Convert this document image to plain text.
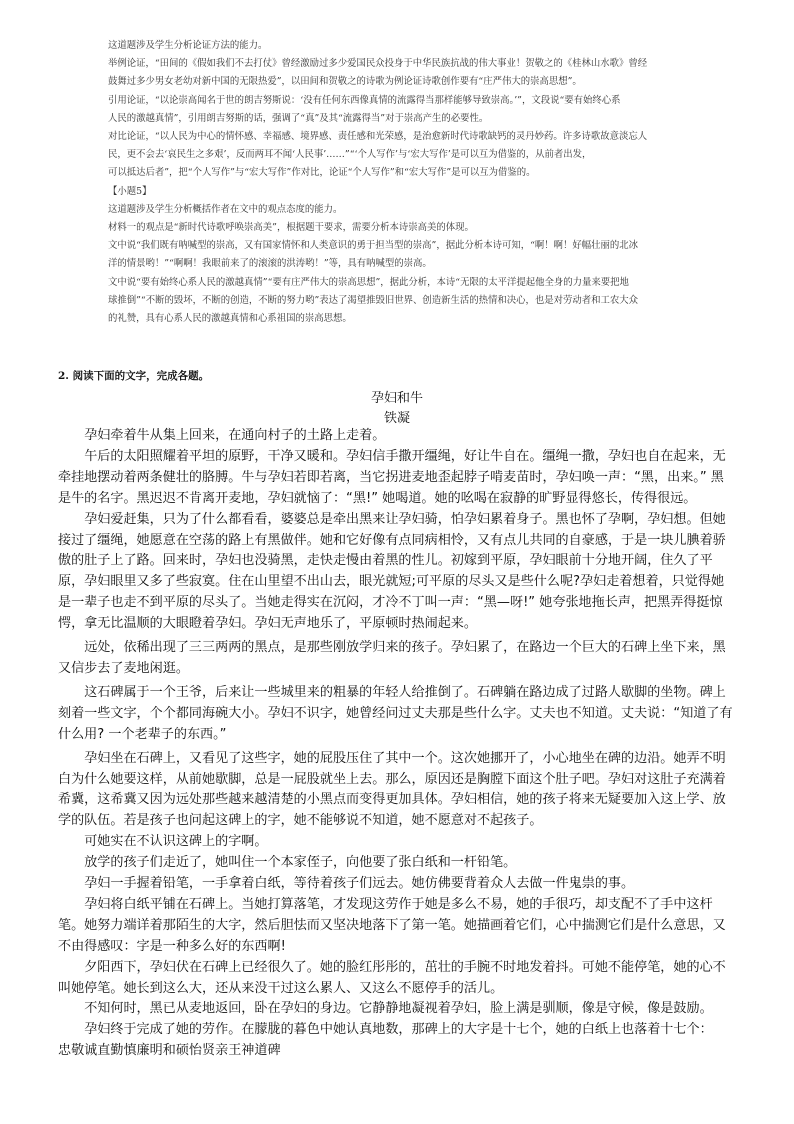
这道题涉及学生分析论证方法的能力。

举例论证，“田间的《假如我们不去打仗》曾经激励过多少爱国民众投身于中华民族抗战的伟大事业！贺敬之的《桂林山水歌》曾经

鼓舞过多少男女老幼对新中国的无限热爱”，以田间和贺敬之的诗歌为例论证诗歌创作要有“庄严伟大的崇高思想”。

引用论证，“以论崇高闻名于世的朗吉努斯说：‘没有任何东西像真情的流露得当那样能够导致崇高。’”，文段说“要有始终心系

人民的激越真情”，引用朗吉努斯的话，强调了“真”及其“流露得当”对于崇高产生的必要性。

对比论证，“以人民为中心的情怀感、幸福感、境界感、责任感和光荣感，是治愈新时代诗歌缺钙的灵丹妙药。许多诗歌故意淡忘人

民，更不会去‘哀民生之多艰’，反而两耳不闻‘人民事’……”“‘个人写作’与‘宏大写作’是可以互为借鉴的，从前者出发，

可以抵达后者”，把“个人写作”与“宏大写作”作对比，论证“个人写作”和“宏大写作”是可以互为借鉴的。

【小题5】

这道题涉及学生分析概括作者在文中的观点态度的能力。

材料一的观点是“新时代诗歌呼唤崇高美”，根据题干要求，需要分析本诗崇高美的体现。

文中说“我们既有呐喊型的崇高，又有国家情怀和人类意识的勇于担当型的崇高”，据此分析本诗可知，“啊！啊！好幅壮丽的北冰

洋的情景哟！”“啊啊！我眼前来了的滚滚的洪涛哟！”等，具有呐喊型的崇高。

文中说“要有始终心系人民的激越真情”“要有庄严伟大的崇高思想”，据此分析，本诗“无限的太平洋提起他全身的力量来要把地

球推倒”“不断的毁坏，不断的创造，不断的努力哟”表达了渴望推毁旧世界、创造新生活的热情和决心，也是对劳动者和工农大众

的礼赞，具有心系人民的激越真情和心系祖国的崇高思想。

2. 阅读下面的文字，完成各题。
孕妇和牛
铁凝

孕妇牵着牛从集上回来，在通向村子的土路上走着。

午后的太阳照耀着平坦的原野，干净又暖和。孕妇信手撒开缰绳，好让牛自在。缰绳一撒，孕妇也自在起来，无牵挂地摆动着两条健壮的胳膊。牛与孕妇若即若离，当它拐进麦地歪起脖子啃麦苗时，孕妇唤一声：“黑，出来。” 黑是牛的名字。黑迟迟不肯离开麦地，孕妇就恼了：“黑!” 她喝道。她的吆喝在寂静的旷野显得悠长，传得很远。

孕妇爱赶集，只为了什么都看看，婆婆总是牵出黑来让孕妇骑，怕孕妇累着身子。黑也怀了孕啊，孕妇想。但她接过了缰绳，她愿意在空荡的路上有黑做伴。她和它好像有点同病相怜，又有点儿共同的自豪感，于是一块儿腆着骄傲的肚子上了路。回来时，孕妇也没骑黑，走快走慢由着黑的性儿。初嫁到平原，孕妇眼前十分地开阔，住久了平原，孕妇眼里又多了些寂寞。住在山里望不出山去，眼光就短;可平原的尽头又是些什么呢?孕妇走着想着，只觉得她是一辈子也走不到平原的尽头了。当她走得实在沉闷，才冷不丁叫一声：“黑—呀!” 她夸张地拖长声，把黑弄得挺惊愕，拿无比温顺的大眼瞪着孕妇。孕妇无声地乐了，平原顿时热闹起来。

远处，依稀出现了三三两两的黑点，是那些刚放学归来的孩子。孕妇累了，在路边一个巨大的石碑上坐下来，黑又信步去了麦地闲逛。

这石碑属于一个王爷，后来让一些城里来的粗暴的年轻人给推倒了。石碑躺在路边成了过路人歇脚的坐物。碑上刻着一些文字，个个都同海碗大小。孕妇不识字，她曾经问过丈夫那是些什么字。丈夫也不知道。丈夫说：“知道了有什么用? 一个老辈子的东西。”

孕妇坐在石碑上，又看见了这些字，她的屁股压住了其中一个。这次她挪开了，小心地坐在碑的边沿。她弄不明白为什么她要这样，从前她歇脚，总是一屁股就坐上去。那么，原因还是胸膛下面这个肚子吧。孕妇对这肚子充满着希冀，这希冀又因为远处那些越来越清楚的小黑点而变得更加具体。孕妇相信，她的孩子将来无疑要加入这上学、放学的队伍。若是孩子也问起这碑上的字，她不能够说不知道，她不愿意对不起孩子。

可她实在不认识这碑上的字啊。

放学的孩子们走近了，她叫住一个本家侄子，向他要了张白纸和一杆铅笔。

孕妇一手握着铅笔，一手拿着白纸，等待着孩子们远去。她仿佛要背着众人去做一件鬼祟的事。

孕妇将白纸平铺在石碑上。当她打算落笔，才发现这劳作于她是多么不易，她的手很巧，却支配不了手中这杆笔。她努力端详着那陌生的大字，然后胆怯而又坚决地落下了第一笔。她描画着它们，心中揣测它们是什么意思，又不由得感叹：字是一种多么好的东西啊!

夕阳西下，孕妇伏在石碑上已经很久了。她的脸红彤彤的，茁壮的手腕不时地发着抖。可她不能停笔，她的心不叫她停笔。她长到这么大，还从来没干过这么累人、又这么不愿停手的活儿。

不知何时，黑已从麦地返回，卧在孕妇的身边。它静静地凝视着孕妇，脸上满是驯顺，像是守候，像是鼓励。

孕妇终于完成了她的劳作。在朦胧的暮色中她认真地数，那碑上的大字是十七个，她的白纸上也落着十七个：

忠敬诚直勤慎廉明和硕怡贤亲王神道碑
